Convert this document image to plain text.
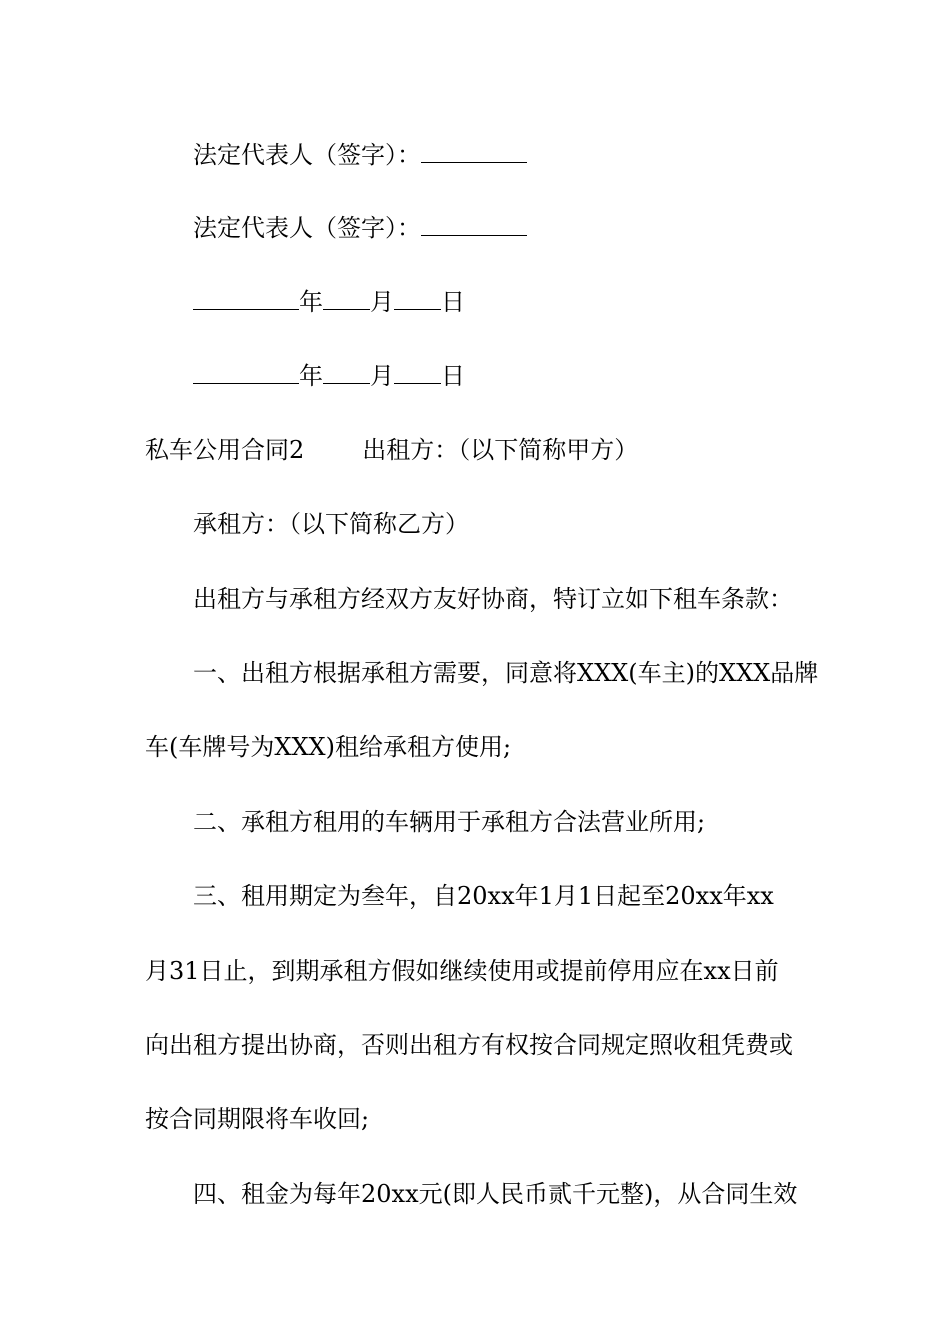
法定代表人（签字）：
法定代表人（签字）：
年 月 日
年 月 日
私车公用合同2 出租方：（以下简称甲方）
承租方：（以下简称乙方）
出租方与承租方经双方友好协商，特订立如下租车条款：
一、出租方根据承租方需要，同意将XXX(车主)的XXX品牌
车(车牌号为XXX)租给承租方使用;
二、承租方租用的车辆用于承租方合法营业所用;
三、租用期定为叁年，自20xx年1月1日起至20xx年xx
月31日止，到期承租方假如继续使用或提前停用应在xx日前
向出租方提出协商，否则出租方有权按合同规定照收租凭费或
按合同期限将车收回;
四、租金为每年20xx元(即人民币贰千元整)，从合同生效
